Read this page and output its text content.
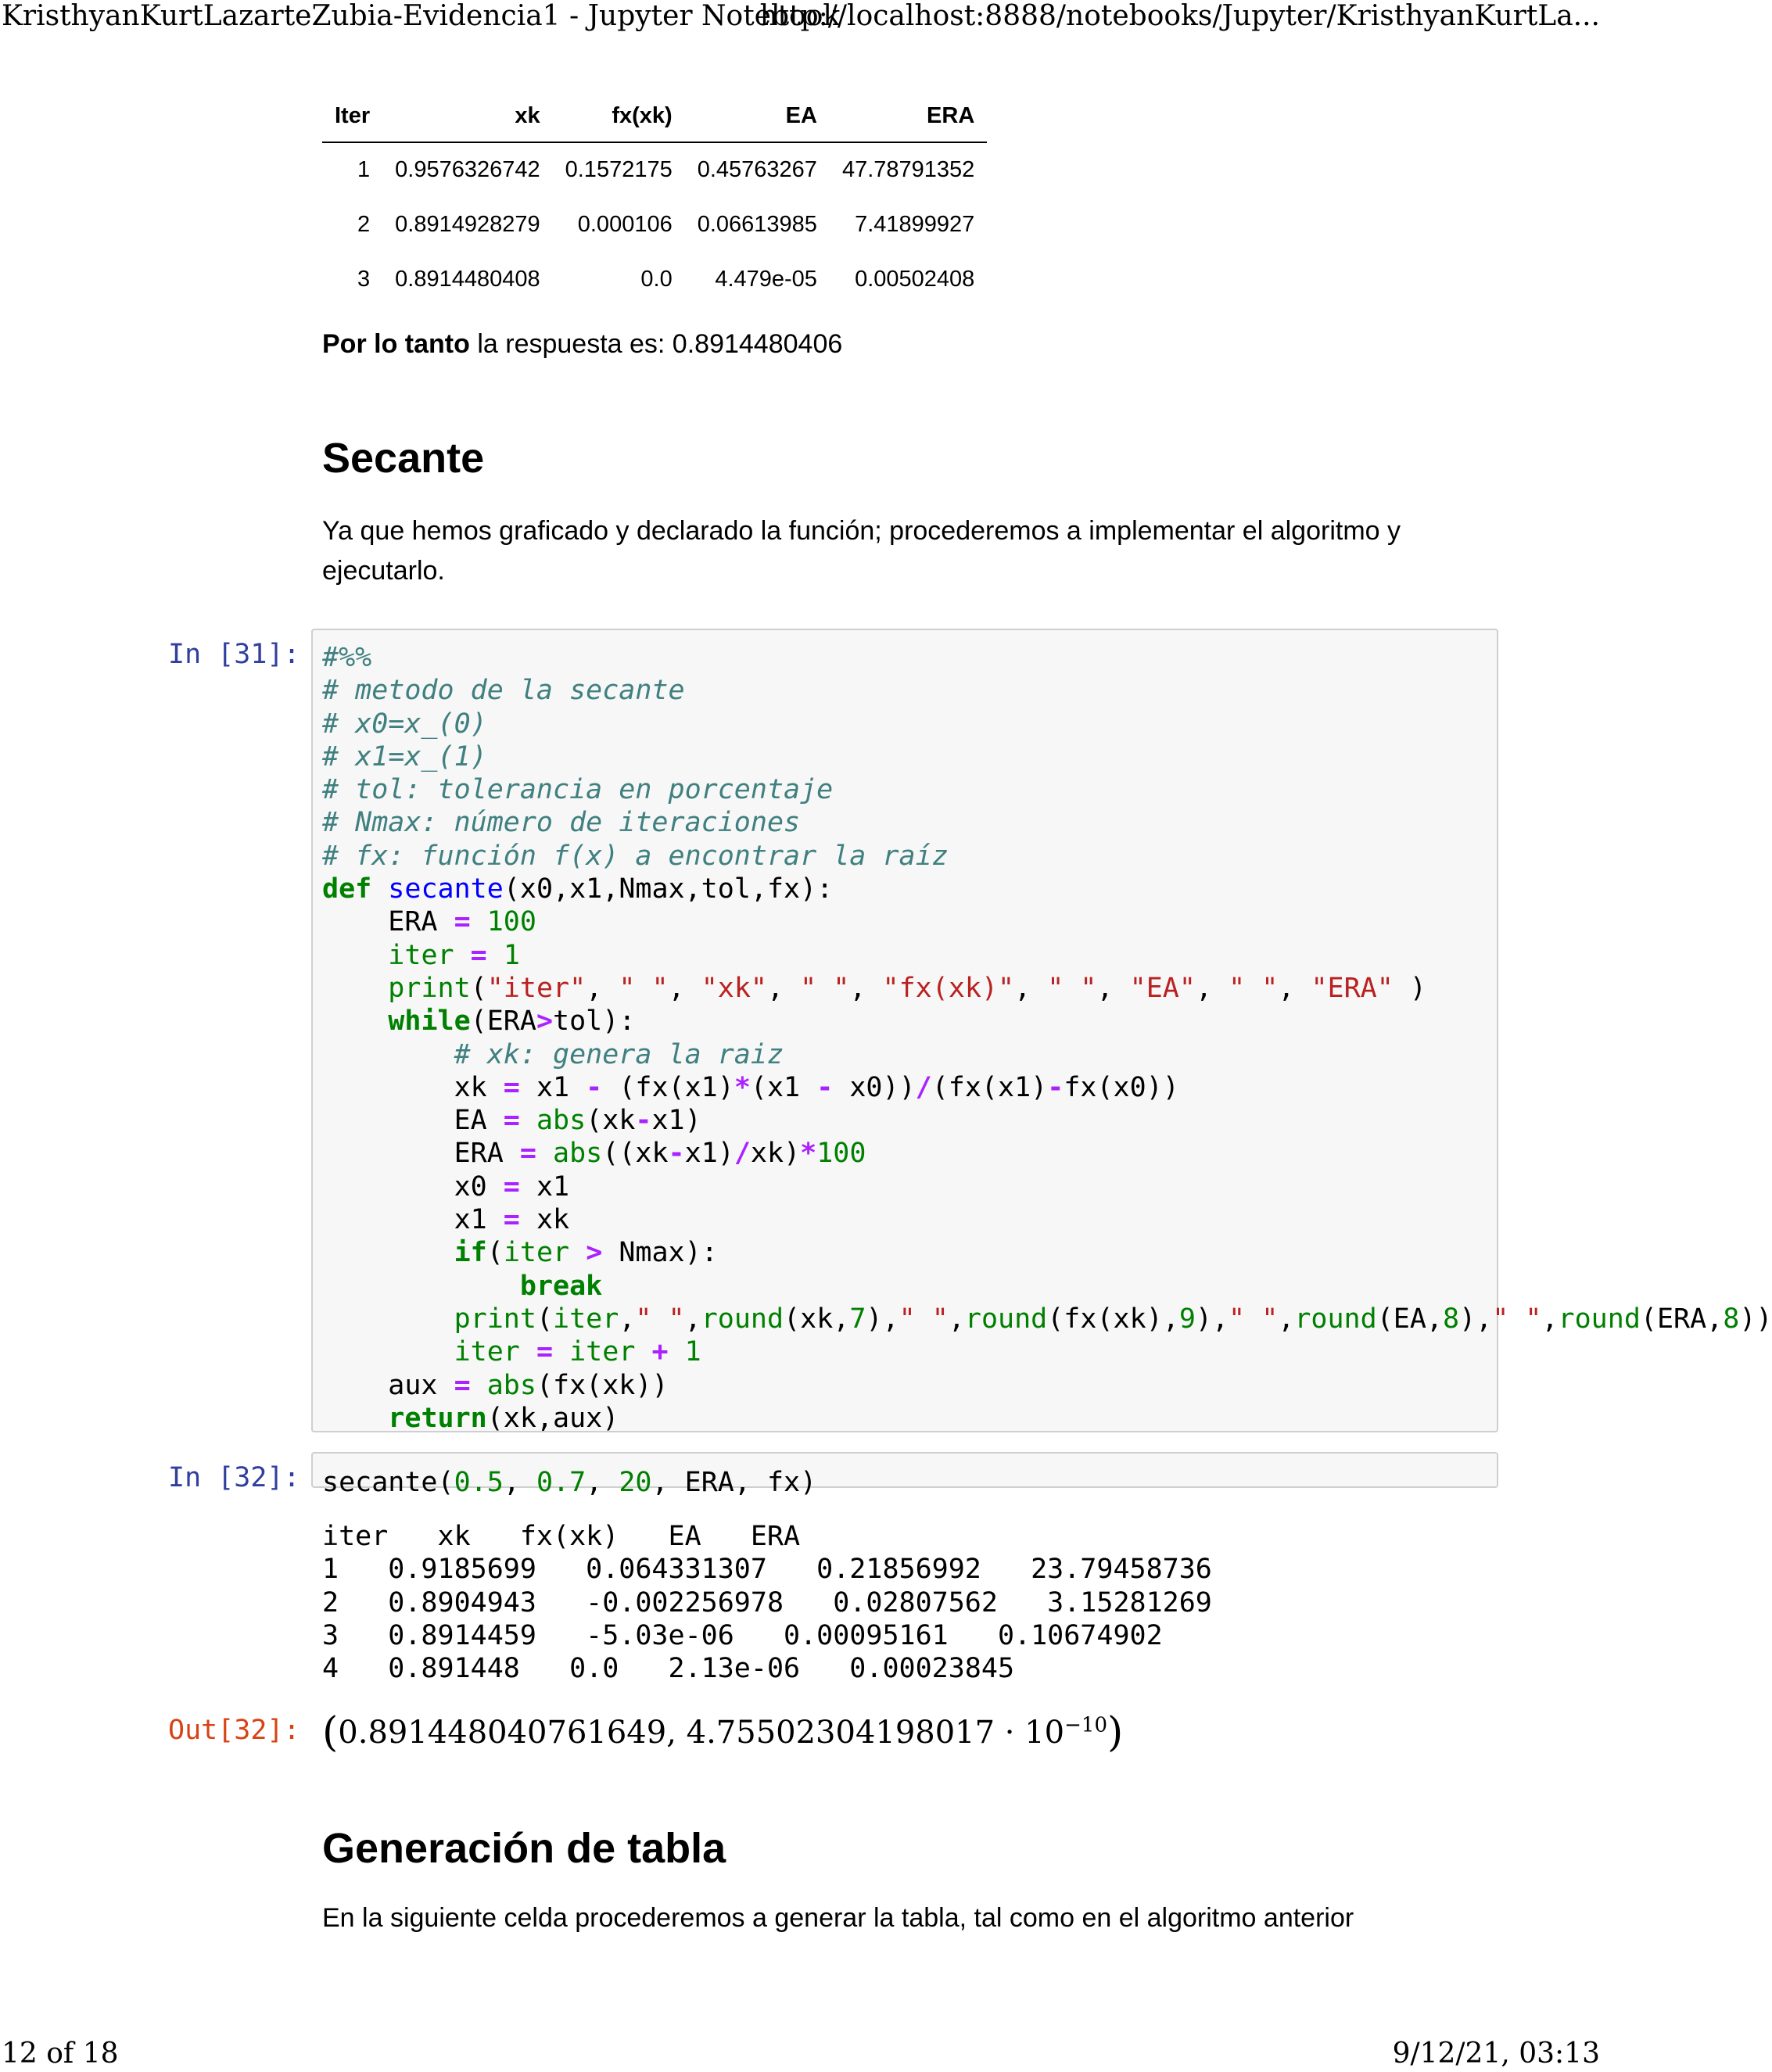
KristhyanKurtLazarteZubia-Evidencia1 - Jupyter Notebook
http://localhost:8888/notebooks/Jupyter/KristhyanKurtLa...
Iter	xk	fx(xk)	EA	ERA
1	0.9576326742	0.1572175	0.45763267	47.78791352
2	0.8914928279	0.000106	0.06613985	7.41899927
3	0.8914480408	0.0	4.479e-05	0.00502408
Por lo tanto la respuesta es: 0.8914480406
Secante
Ya que hemos graficado y declarado la función; procederemos a implementar el algoritmo y ejecutarlo.
In [31]: #%%
# metodo de la secante
# x0=x_(0)
# x1=x_(1)
# tol: tolerancia en porcentaje
# Nmax: número de iteraciones
# fx: función f(x) a encontrar la raíz
def secante(x0,x1,Nmax,tol,fx):
ERA = 100
iter = 1
print("iter", " ", "xk", " ", "fx(xk)", " ", "EA", " ", "ERA" )
while(ERA>tol):
# xk: genera la raiz
xk = x1 - (fx(x1)*(x1 - x0))/(fx(x1)-fx(x0))
EA = abs(xk-x1)
ERA = abs((xk-x1)/xk)*100
x0 = x1
x1 = xk
if(iter > Nmax):
break
print(iter," ",round(xk,7)," ",round(fx(xk),9)," ",round(EA,8)," ",round(ERA,8))
iter = iter + 1
aux = abs(fx(xk))
return(xk,aux)
In [32]: secante(0.5, 0.7, 20, ERA, fx)
iter   xk   fx(xk)   EA   ERA
1   0.9185699   0.064331307   0.21856992   23.79458736
2   0.8904943   -0.002256978   0.02807562   3.15281269
3   0.8914459   -5.03e-06   0.00095161   0.10674902
4   0.891448   0.0   2.13e-06   0.00023845
Out[32]: (0.891448040761649, $4.75502304198017 \cdot 10^{-10}$)
Generación de tabla
En la siguiente celda procederemos a generar la tabla, tal como en el algoritmo anterior
12 of 18	9/12/21, 03:13
